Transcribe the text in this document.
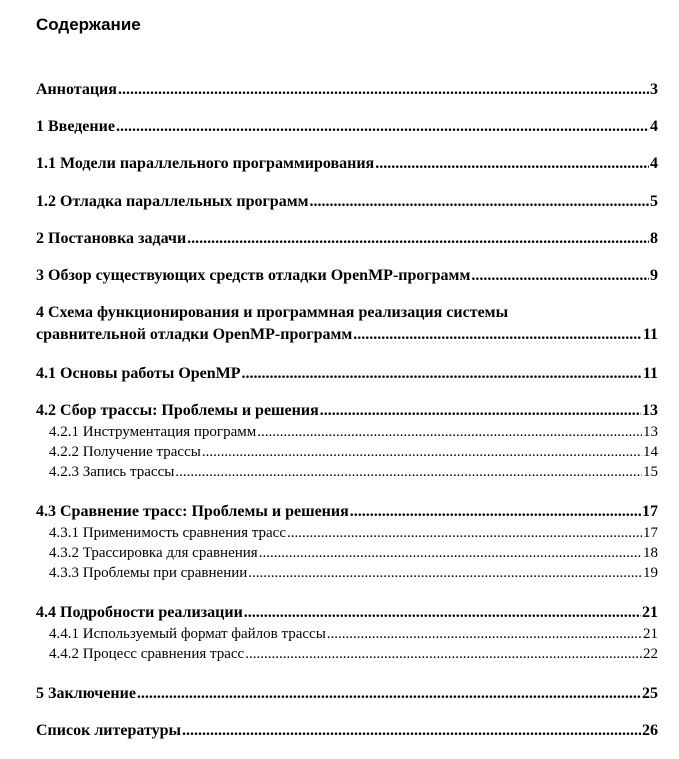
Содержание
Аннотация .....	3
1 Введение .....	4
1.1 Модели параллельного программирования .....	4
1.2 Отладка параллельных программ .....	5
2 Постановка задачи .....	8
3 Обзор существующих средств отладки OpenMP-программ .....	9
4 Схема функционирования и программная реализация системы
сравнительной отладки OpenMP-программ .....	11
4.1 Основы работы OpenMP .....	11
4.2 Сбор трассы: Проблемы и решения .....	13
4.2.1 Инструментация программ .....	13
4.2.2 Получение трассы .....	14
4.2.3 Запись трассы .....	15
4.3 Сравнение трасс: Проблемы и решения .....	17
4.3.1 Применимость сравнения трасс .....	17
4.3.2 Трассировка для сравнения .....	18
4.3.3 Проблемы при сравнении .....	19
4.4 Подробности реализации .....	21
4.4.1 Используемый формат файлов трассы .....	21
4.4.2 Процесс сравнения трасс .....	22
5 Заключение .....	25
Список литературы .....	26
